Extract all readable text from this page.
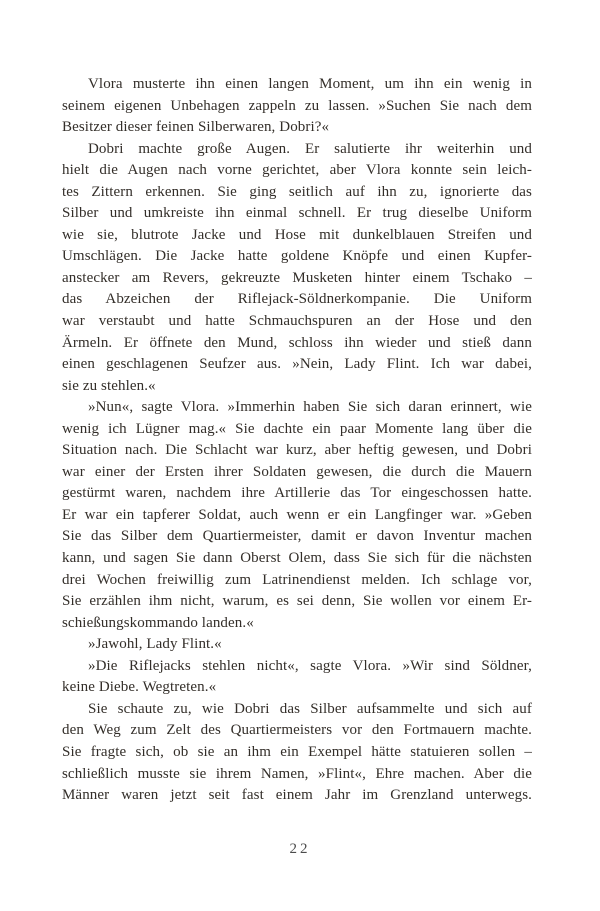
Vlora musterte ihn einen langen Moment, um ihn ein wenig in
seinem eigenen Unbehagen zappeln zu lassen. »Suchen Sie nach dem
Besitzer dieser feinen Silberwaren, Dobri?«

Dobri machte große Augen. Er salutierte ihr weiterhin und
hielt die Augen nach vorne gerichtet, aber Vlora konnte sein leich-
tes Zittern erkennen. Sie ging seitlich auf ihn zu, ignorierte das
Silber und umkreiste ihn einmal schnell. Er trug dieselbe Uniform
wie sie, blutrote Jacke und Hose mit dunkelblauen Streifen und
Umschlägen. Die Jacke hatte goldene Knöpfe und einen Kupfer-
anstecker am Revers, gekreuzte Musketen hinter einem Tschako –
das Abzeichen der Riflejack-Söldnerkompanie. Die Uniform
war verstaubt und hatte Schmauchspuren an der Hose und den
Ärmeln. Er öffnete den Mund, schloss ihn wieder und stieß dann
einen geschlagenen Seufzer aus. »Nein, Lady Flint. Ich war dabei,
sie zu stehlen.«

»Nun«, sagte Vlora. »Immerhin haben Sie sich daran erinnert, wie
wenig ich Lügner mag.« Sie dachte ein paar Momente lang über die
Situation nach. Die Schlacht war kurz, aber heftig gewesen, und Dobri
war einer der Ersten ihrer Soldaten gewesen, die durch die Mauern
gestürmt waren, nachdem ihre Artillerie das Tor eingeschossen hatte.
Er war ein tapferer Soldat, auch wenn er ein Langfinger war. »Geben
Sie das Silber dem Quartiermeister, damit er davon Inventur machen
kann, und sagen Sie dann Oberst Olem, dass Sie sich für die nächsten
drei Wochen freiwillig zum Latrinendienst melden. Ich schlage vor,
Sie erzählen ihm nicht, warum, es sei denn, Sie wollen vor einem Er-
schießungskommando landen.«

»Jawohl, Lady Flint.«

»Die Riflejacks stehlen nicht«, sagte Vlora. »Wir sind Söldner,
keine Diebe. Wegtreten.«

Sie schaute zu, wie Dobri das Silber aufsammelte und sich auf
den Weg zum Zelt des Quartiermeisters vor den Fortmauern machte.
Sie fragte sich, ob sie an ihm ein Exempel hätte statuieren sollen –
schließlich musste sie ihrem Namen, »Flint«, Ehre machen. Aber die
Männer waren jetzt seit fast einem Jahr im Grenzland unterwegs.

22
